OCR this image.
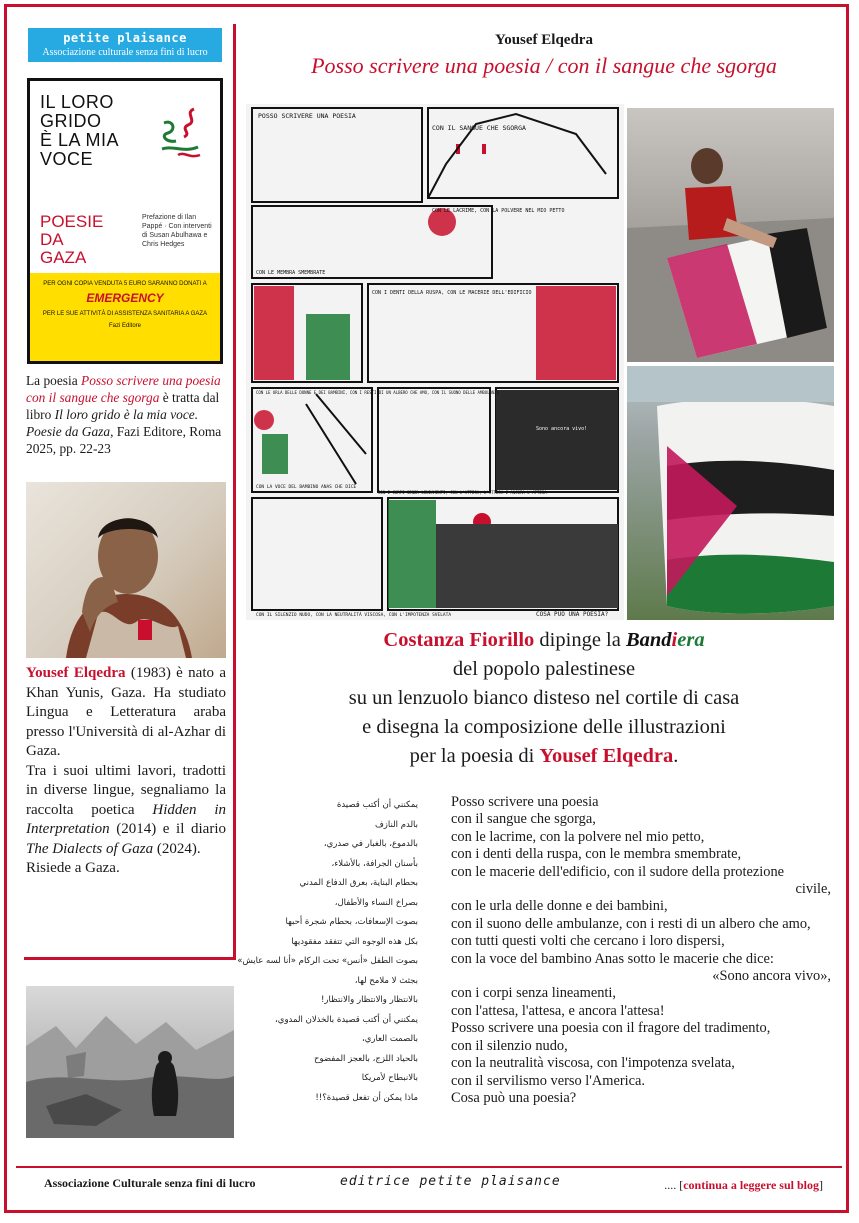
petite plaisance
Associazione culturale senza fini di lucro
IL LORO
GRIDO
È LA MIA
VOCE
POESIE
DA
GAZA
Prefazione di Ilan Pappé · Con interventi di Susan Abulhawa e Chris Hedges
PER OGNI COPIA VENDUTA 5 EURO SARANNO DONATI A
EMERGENCY
PER LE SUE ATTIVITÀ DI ASSISTENZA SANITARIA A GAZA
Fazi Editore
La poesia Posso scrivere una poesia con il sangue che sgorga è tratta dal libro Il loro grido è la mia voce. Poesie da Gaza, Fazi Editore, Roma 2025, pp. 22-23

Yousef Elqedra (1983) è nato a Khan Yunis, Gaza. Ha studiato Lingua e Letteratura araba presso l'Università di al-Azhar di Gaza.

Tra i suoi ultimi lavori, tradotti in diverse lingue, segnaliamo la raccolta poetica Hidden in Interpretation (2014) e il diario The Dialects of Gaza (2024).

Risiede a Gaza.

Yousef Elqedra
Posso scrivere una poesia / con il sangue che sgorga
POSSO SCRIVERE UNA POESIA
CON IL SANGUE CHE SGORGA
CON LE LACRIME, CON LA POLVERE NEL MIO PETTO
CON LE MEMBRA SMEMBRATE
CON I DENTI DELLA RUSPA, CON LE MACERIE DELL'EDIFICIO
CON LE URLA DELLE DONNE E DEI BAMBINI, CON I RESTI DI UN ALBERO CHE AMO, CON IL SUONO DELLE AMBULANZE
Sono ancora vivo!
CON LA VOCE DEL BAMBINO ANAS CHE DICE
CON I CORPI SENZA LINEAMENTI, CON L'ATTESA, L'ATTESA E ANCORA L'ATTESA
CON IL SILENZIO NUDO, CON LA NEUTRALITÀ VISCOSA, CON L'IMPOTENZA SVELATA	COSA PUÒ UNA POESIA?
Costanza Fiorillo dipinge la Bandiera
del popolo palestinese
su un lenzuolo bianco disteso nel cortile di casa
e disegna la composizione delle illustrazioni
per la poesia di Yousef Elqedra.
يمكنني أن أكتب قصيدة
بالدم النازف
بالدموع، بالغبار في صدري،
بأسنان الجرافة، بالأشلاء،
بحطام البناية، بعرق الدفاع المدني
بصراخ النساء والأطفال،
بصوت الإسعافات، بحطام شجرة أحبها
بكل هذه الوجوه التي تتفقد مفقوديها
بصوت الطفل «أنس» تحت الركام «أنا لسه عايش»
بجثث لا ملامح لها،
بالانتظار والانتظار والانتظار!
يمكنني أن أكتب قصيدة بالخذلان المدوي،
بالصمت العاري،
بالحياد اللزج، بالعجز المفضوح
بالانبطاح لأمريكا
ماذا يمكن أن تفعل قصيدة؟!!
Posso scrivere una poesia
con il sangue che sgorga,
con le lacrime, con la polvere nel mio petto,
con i denti della ruspa, con le membra smembrate,
con le macerie dell'edificio, con il sudore della protezione
civile,
con le urla delle donne e dei bambini,
con il suono delle ambulanze, con i resti di un albero che amo,
con tutti questi volti che cercano i loro dispersi,
con la voce del bambino Anas sotto le macerie che dice:
«Sono ancora vivo»,
con i corpi senza lineamenti,
con l'attesa, l'attesa, e ancora l'attesa!
Posso scrivere una poesia con il fragore del tradimento,
con il silenzio nudo,
con la neutralità viscosa, con l'impotenza svelata,
con il servilismo verso l'America.
Cosa può una poesia?
Associazione Culturale senza fini di lucro	editrice petite plaisance	.... [continua a leggere sul blog]
